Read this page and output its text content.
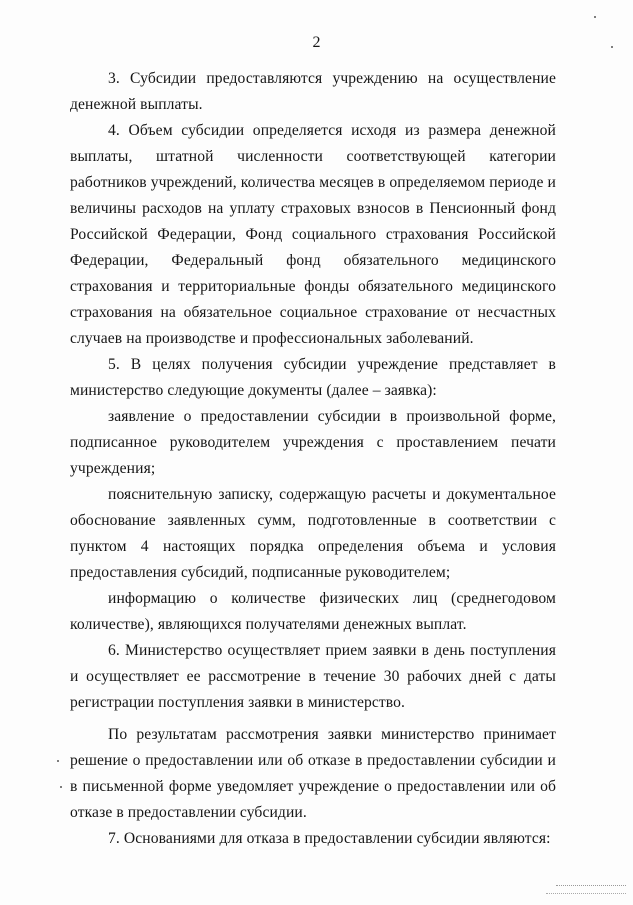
2

3. Субсидии предоставляются учреждению на осуществление денежной выплаты.

4. Объем субсидии определяется исходя из размера денежной выплаты, штатной численности соответствующей категории работников учреждений, количества месяцев в определяемом периоде и величины расходов на уплату страховых взносов в Пенсионный фонд Российской Федерации, Фонд социального страхования Российской Федерации, Федеральный фонд обязательного медицинского страхования и территориальные фонды обязательного медицинского страхования на обязательное социальное страхование от несчастных случаев на производстве и профессиональных заболеваний.

5. В целях получения субсидии учреждение представляет в министерство следующие документы (далее – заявка):

заявление о предоставлении субсидии в произвольной форме, подписанное руководителем учреждения с проставлением печати учреждения;

пояснительную записку, содержащую расчеты и документальное обоснование заявленных сумм, подготовленные в соответствии с пунктом 4 настоящих порядка определения объема и условия предоставления субсидий, подписанные руководителем;

информацию о количестве физических лиц (среднегодовом количестве), являющихся получателями денежных выплат.

6. Министерство осуществляет прием заявки в день поступления и осуществляет ее рассмотрение в течение 30 рабочих дней с даты регистрации поступления заявки в министерство.

По результатам рассмотрения заявки министерство принимает решение о предоставлении или об отказе в предоставлении субсидии и в письменной форме уведомляет учреждение о предоставлении или об отказе в предоставлении субсидии.

7. Основаниями для отказа в предоставлении субсидии являются:
